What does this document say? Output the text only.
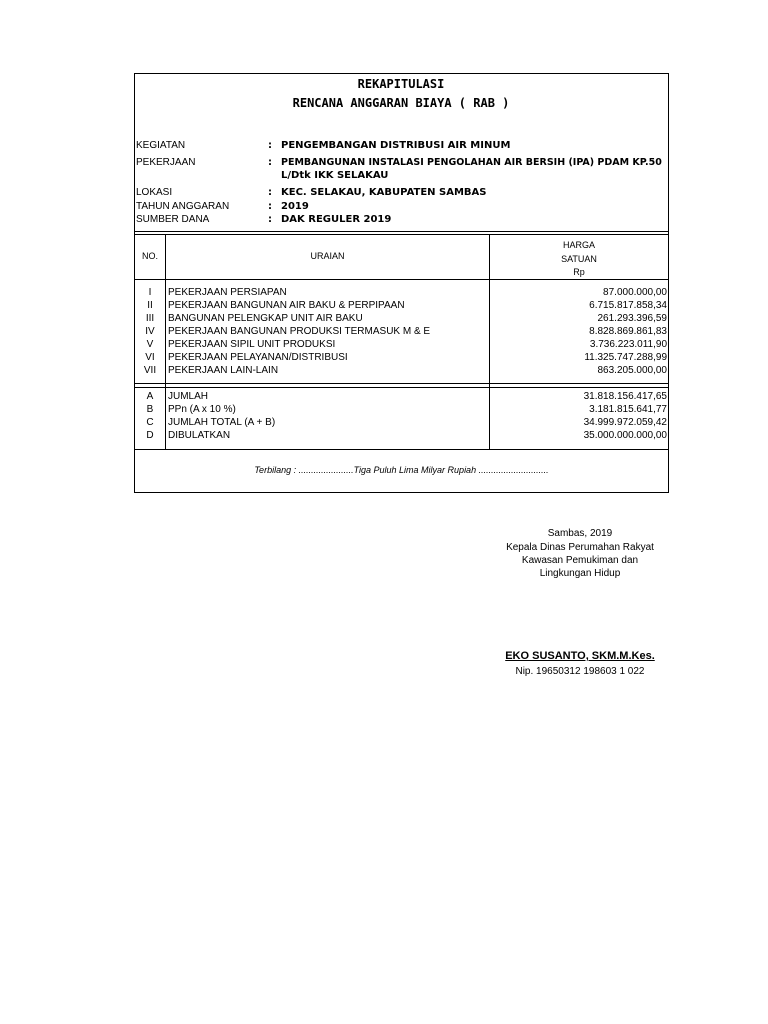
REKAPITULASI
RENCANA ANGGARAN BIAYA ( RAB )
KEGIATAN	: PENGEMBANGAN DISTRIBUSI AIR MINUM
PEKERJAAN	: PEMBANGUNAN INSTALASI PENGOLAHAN AIR BERSIH (IPA) PDAM KP.50
L/Dtk IKK SELAKAU
LOKASI	: KEC. SELAKAU, KABUPATEN SAMBAS
TAHUN ANGGARAN	: 2019
SUMBER DANA	: DAK REGULER 2019
NO.	URAIAN
HARGA
SATUAN
Rp
I	PEKERJAAN PERSIAPAN	87.000.000,00
II	PEKERJAAN BANGUNAN AIR BAKU & PERPIPAAN	6.715.817.858,34
III	BANGUNAN PELENGKAP UNIT AIR BAKU	261.293.396,59
IV	PEKERJAAN BANGUNAN PRODUKSI TERMASUK M & E	8.828.869.861,83
V	PEKERJAAN SIPIL UNIT PRODUKSI	3.736.223.011,90
VI	PEKERJAAN PELAYANAN/DISTRIBUSI	11.325.747.288,99
VII	PEKERJAAN LAIN-LAIN	863.205.000,00
A	JUMLAH	31.818.156.417,65
B	PPn (A x 10 %)	3.181.815.641,77
C	JUMLAH TOTAL (A + B)	34.999.972.059,42
D	DIBULATKAN	35.000.000.000,00
Terbilang : ......................Tiga Puluh Lima Milyar Rupiah ............................
Sambas, 2019
Kepala Dinas Perumahan Rakyat
Kawasan Pemukiman dan
Lingkungan Hidup
EKO SUSANTO, SKM.M.Kes.
Nip. 19650312 198603 1 022
